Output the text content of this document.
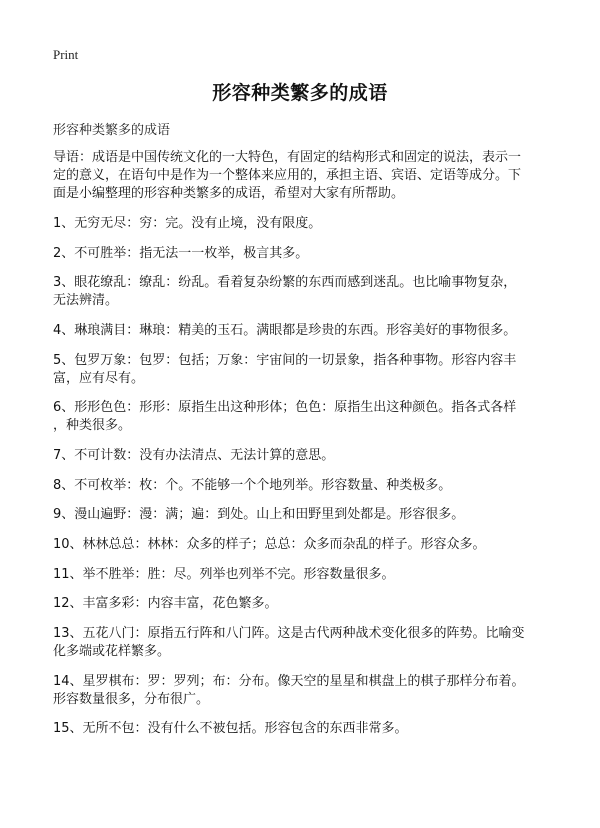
Print
形容种类繁多的成语
形容种类繁多的成语

导语：成语是中国传统文化的一大特色，有固定的结构形式和固定的说法，表示一
定的意义，在语句中是作为一个整体来应用的，承担主语、宾语、定语等成分。下
面是小编整理的形容种类繁多的成语，希望对大家有所帮助。

1、无穷无尽：穷：完。没有止境，没有限度。

2、不可胜举：指无法一一枚举，极言其多。

3、眼花缭乱：缭乱：纷乱。看着复杂纷繁的东西而感到迷乱。也比喻事物复杂，
无法辨清。

4、琳琅满目：琳琅：精美的玉石。满眼都是珍贵的东西。形容美好的事物很多。

5、包罗万象：包罗：包括；万象：宇宙间的一切景象，指各种事物。形容内容丰
富，应有尽有。

6、形形色色：形形：原指生出这种形体；色色：原指生出这种颜色。指各式各样
，种类很多。

7、不可计数：没有办法清点、无法计算的意思。

8、不可枚举：枚：个。不能够一个个地列举。形容数量、种类极多。

9、漫山遍野：漫：满；遍：到处。山上和田野里到处都是。形容很多。

10、林林总总：林林：众多的样子；总总：众多而杂乱的样子。形容众多。

11、举不胜举：胜：尽。列举也列举不完。形容数量很多。

12、丰富多彩：内容丰富，花色繁多。

13、五花八门：原指五行阵和八门阵。这是古代两种战术变化很多的阵势。比喻变
化多端或花样繁多。

14、星罗棋布：罗：罗列；布：分布。像天空的星星和棋盘上的棋子那样分布着。
形容数量很多，分布很广。

15、无所不包：没有什么不被包括。形容包含的东西非常多。
